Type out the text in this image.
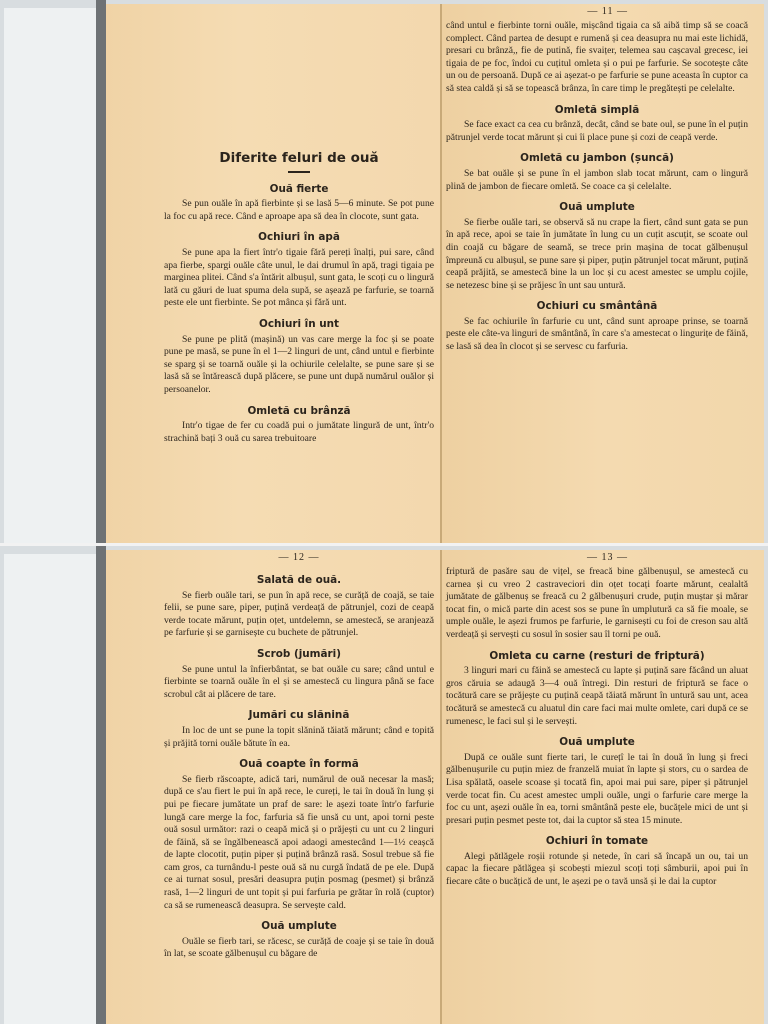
Diferite feluri de ouă
Ouă fierte

Se pun ouăle în apă fierbinte și se lasă 5—6 minute. Se pot pune la foc cu apă rece. Când e aproape apa să dea în clocote, sunt gata.

Ochiuri în apă

Se pune apa la fiert într'o tigaie fără pereți înalți, pui sare, când apa fierbe, spargi ouăle câte unul, le dai drumul în apă, tragi tigaia pe marginea plitei. Când s'a întărit albușul, sunt gata, le scoți cu o lingură lată cu găuri de luat spuma dela supă, se așează pe farfurie, se toarnă peste ele unt fierbinte. Se pot mânca și fără unt.

Ochiuri în unt

Se pune pe plită (mașină) un vas care merge la foc și se poate pune pe masă, se pune în el 1—2 linguri de unt, când untul e fierbinte se sparg și se toarnă ouăle și la ochiurile celelalte, se pune sare și se lasă să se întărească după plăcere, se pune unt după numărul ouălor și persoanelor.

Omletă cu brânză

Intr'o tigae de fer cu coadă pui o jumătate lingură de unt, într'o strachină bați 3 ouă cu sarea trebuitoare

— 11 —

când untul e fierbinte torni ouăle, mișcând tigaia ca să aibă timp să se coacă complect. Când partea de desupt e rumenă și cea deasupra nu mai este lichidă, presari cu brânză,, fie de putină, fie svaițer, telemea sau cașcaval grecesc, iei tigaia de pe foc, îndoi cu cuțitul omleta și o pui pe farfurie. Se socotește câte un ou de persoană. După ce ai așezat-o pe farfurie se pune aceasta în cuptor ca să stea caldă și să se topească brânza, în care timp le pregătești pe celelalte.

Omletă simplă

Se face exact ca cea cu brânză, decât, când se bate oul, se pune în el puțin pătrunjel verde tocat mărunt și cui îi place pune și cozi de ceapă verde.

Omletă cu jambon (șuncă)

Se bat ouăle și se pune în el jambon slab tocat mărunt, cam o lingură plină de jambon de fiecare omletă. Se coace ca și celelalte.

Ouă umplute

Se fierbe ouăle tari, se observă să nu crape la fiert, când sunt gata se pun în apă rece, apoi se taie în jumătate în lung cu un cuțit ascuțit, se scoate oul din coajă cu băgare de seamă, se trece prin mașina de tocat gălbenușul împreună cu albușul, se pune sare și piper, puțin pătrunjel tocat mărunt, puțină ceapă prăjită, se amestecă bine la un loc și cu acest amestec se umplu cojile, se netezesc bine și se prăjesc în unt sau untură.

Ochiuri cu smântână

Se fac ochiurile în farfurie cu unt, când sunt aproape prinse, se toarnă peste ele câte-va linguri de smântână, în care s'a amestecat o lingurițe de făină, se lasă să dea în clocot și se servesc cu farfuria.

— 12 —
Salată de ouă.

Se fierb ouăle tari, se pun în apă rece, se curăță de coajă, se taie felii, se pune sare, piper, puțină verdeață de pătrunjel, cozi de ceapă verde tocate mărunt, puțin oțet, untdelemn, se amestecă, se aranjează pe farfurie și se garnisește cu buchete de pătrunjel.

Scrob (jumări)

Se pune untul la înfierbântat, se bat ouăle cu sare; când untul e fierbinte se toarnă ouăle în el și se amestecă cu lingura până se face scrobul cât ai plăcere de tare.

Jumări cu slănină

In loc de unt se pune la topit slănină tăiată mărunt; când e topită și prăjită torni ouăle bătute în ea.

Ouă coapte în formă

Se fierb răscoapte, adică tari, numărul de ouă necesar la masă; după ce s'au fiert le pui în apă rece, le cureți, le tai în două în lung și pui pe fiecare jumătate un praf de sare: le așezi toate într'o farfurie lungă care merge la foc, farfuria să fie unsă cu unt, apoi torni peste ouă sosul următor: razi o ceapă mică și o prăjești cu unt cu 2 linguri de făină, să se îngălbenească apoi adaogi amestecând 1—1½ ceașcă de lapte clocotit, puțin piper și puțină brânză rasă. Sosul trebue să fie cam gros, ca turnându-l peste ouă să nu curgă îndată de pe ele. După ce ai turnat sosul, presări deasupra puțin posmag (pesmet) și brânză rasă, 1—2 linguri de unt topit și pui farfuria pe grătar în rolă (cuptor) ca să se rumenească deasupra. Se servește cald.

Ouă umplute

Ouăle se fierb tari, se răcesc, se curăță de coaje și se taie în două în lat, se scoate gălbenușul cu băgare de

— 13 —

friptură de pasăre sau de vițel, se freacă bine gălbenușul, se amestecă cu carnea și cu vreo 2 castraveciori din oțet tocați foarte mărunt, cealaltă jumătate de gălbenuș se freacă cu 2 gălbenușuri crude, puțin muștar și mărar tocat fin, o mică parte din acest sos se pune în umplutură ca să fie moale, se umple ouăle, le așezi frumos pe farfurie, le garnisești cu foi de creson sau altă verdeață și servești cu sosul în sosier sau îl torni pe ouă.

Omleta cu carne (resturi de friptură)

3 linguri mari cu făină se amestecă cu lapte și puțină sare făcând un aluat gros căruia se adaugă 3—4 ouă întregi. Din resturi de friptură se face o tocătură care se prăjește cu puțină ceapă tăiată mărunt în untură sau unt, acea tocătură se amestecă cu aluatul din care faci mai multe omlete, cari după ce se rumenesc, le faci sul și le servești.

Ouă umplute

După ce ouăle sunt fierte tari, le curețî le tai în două în lung și freci gălbenușurile cu puțin miez de franzelă muiat în lapte și stors, cu o sardea de Lisa spălată, oasele scoase și tocată fin, apoi mai pui sare, piper și pătrunjel verde tocat fin. Cu acest amestec umpli ouăle, ungi o farfurie care merge la foc cu unt, așezi ouăle în ea, torni smântână peste ele, bucățele mici de unt și presari puțin pesmet peste tot, dai la cuptor să stea 15 minute.

Ochiuri în tomate

Alegi pătlăgele roșii rotunde și netede, în cari să încapă un ou, tai un capac la fiecare pătlăgea și scobești miezul scoți toți sâmburii, apoi pui în fiecare câte o bucățică de unt, le așezi pe o tavă unsă și le dai la cuptor
